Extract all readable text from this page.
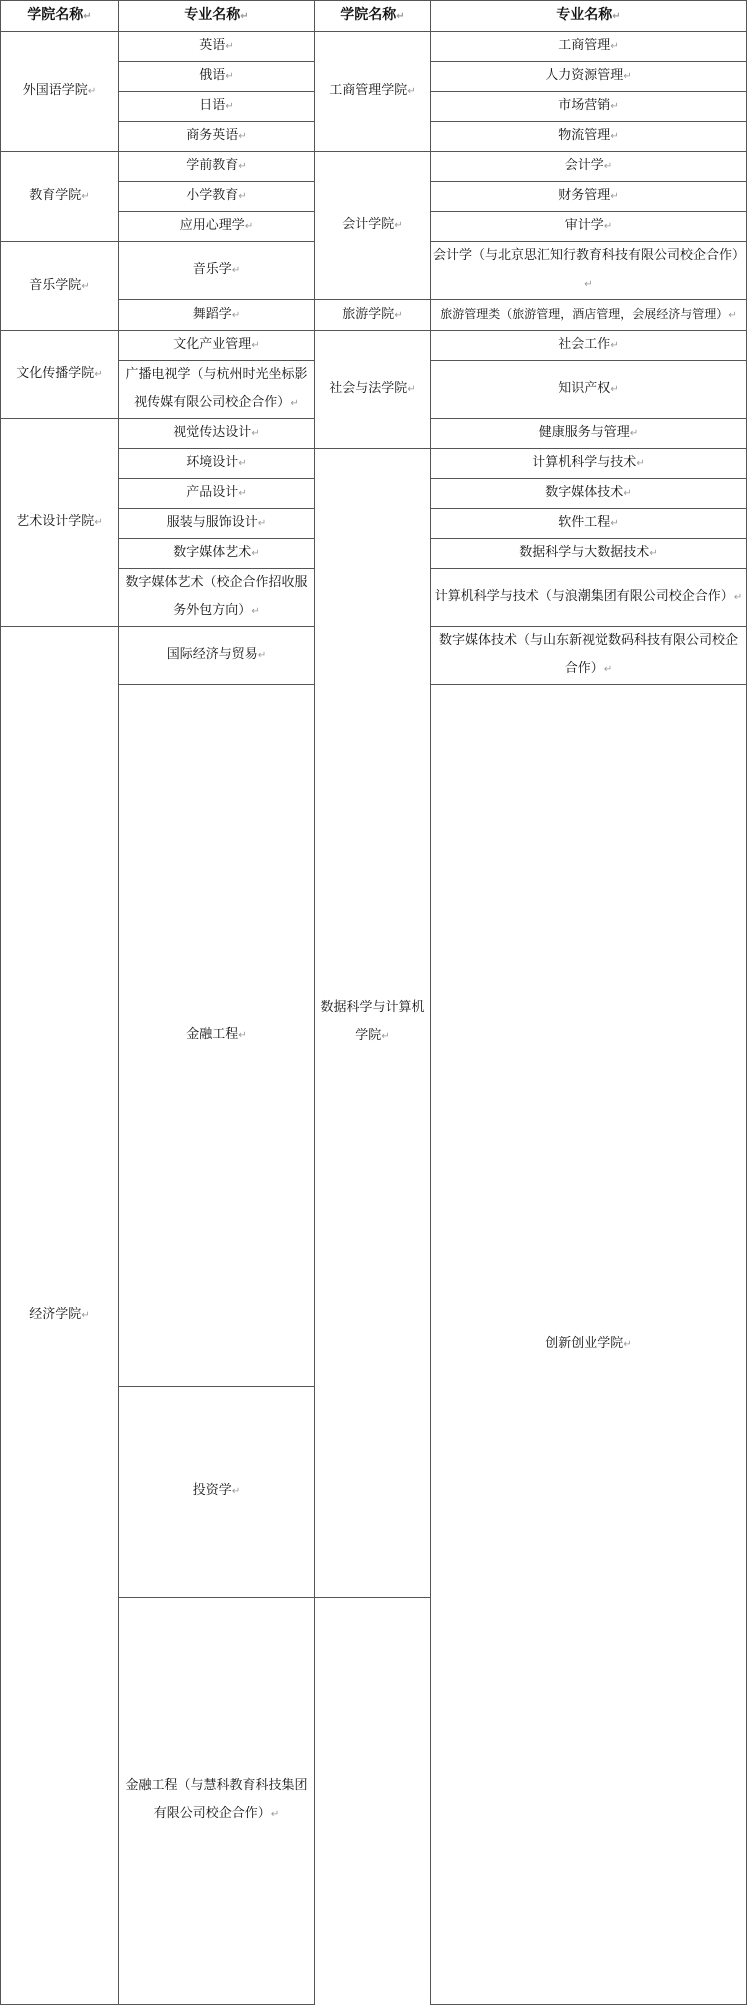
学院名称↵	专业名称↵	学院名称↵	专业名称↵	
外国语学院↵	英语↵	工商管理学院↵	工商管理↵	
	俄语↵		人力资源管理↵	
	日语↵		市场营销↵	
	商务英语↵		物流管理↵	
教育学院↵	学前教育↵	会计学院↵	会计学↵	
	小学教育↵		财务管理↵	
	应用心理学↵		审计学↵	
音乐学院↵	音乐学↵		会计学（与北京思汇知行教育科技有限公司校企合作）↵	
	舞蹈学↵	旅游学院↵	旅游管理类（旅游管理，酒店管理，会展经济与管理）↵	
文化传播学院↵	文化产业管理↵	社会与法学院↵	社会工作↵	
	广播电视学（与杭州时光坐标影视传媒有限公司校企合作）↵		知识产权↵	
艺术设计学院↵	视觉传达设计↵		健康服务与管理↵	
	环境设计↵	数据科学与计算机学院↵	计算机科学与技术↵	
	产品设计↵		数字媒体技术↵	
	服装与服饰设计↵		软件工程↵	
	数字媒体艺术↵		数据科学与大数据技术↵	
	数字媒体艺术（校企合作招收服务外包方向）↵		计算机科学与技术（与浪潮集团有限公司校企合作）↵	
经济学院↵	国际经济与贸易↵		数字媒体技术（与山东新视觉数码科技有限公司校企合作）↵	
	金融工程↵		创新创业学院↵	
	投资学↵	
	金融工程（与慧科教育科技集团有限公司校企合作）↵			
